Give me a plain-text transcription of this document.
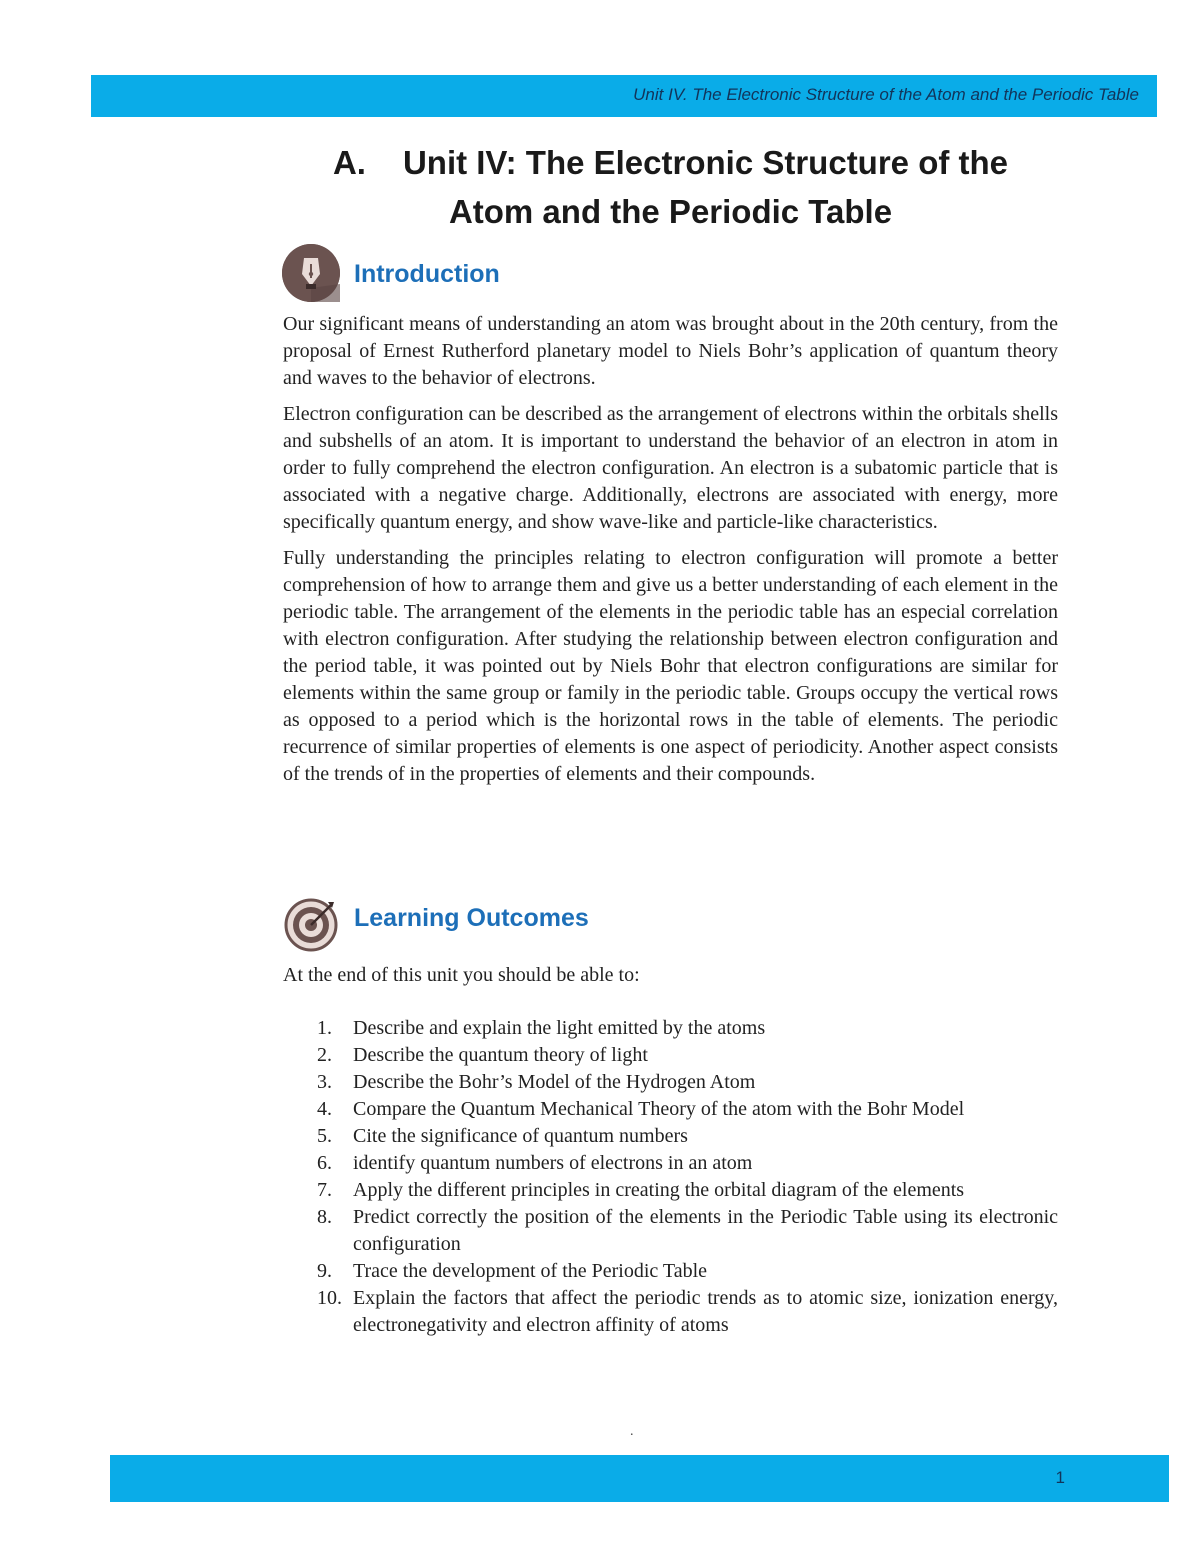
Unit IV. The Electronic Structure of the Atom and the Periodic Table
A. Unit IV: The Electronic Structure of the
Atom and the Periodic Table
Introduction

Our significant means of understanding an atom was brought about in the 20th century, from the proposal of Ernest Rutherford planetary model to Niels Bohr’s application of quantum theory and waves to the behavior of electrons.

Electron configuration can be described as the arrangement of electrons within the orbitals shells and subshells of an atom. It is important to understand the behavior of an electron in atom in order to fully comprehend the electron configuration. An electron is a subatomic particle that is associated with a negative charge. Additionally, electrons are associated with energy, more specifically quantum energy, and show wave-like and particle-like characteristics.

Fully understanding the principles relating to electron configuration will promote a better comprehension of how to arrange them and give us a better understanding of each element in the periodic table. The arrangement of the elements in the periodic table has an especial correlation with electron configuration. After studying the relationship between electron configuration and the period table, it was pointed out by Niels Bohr that electron configurations are similar for elements within the same group or family in the periodic table. Groups occupy the vertical rows as opposed to a period which is the horizontal rows in the table of elements. The periodic recurrence of similar properties of elements is one aspect of periodicity. Another aspect consists of the trends of in the properties of elements and their compounds.

Learning Outcomes
At the end of this unit you should be able to:
1.	Describe and explain the light emitted by the atoms
2.	Describe the quantum theory of light
3.	Describe the Bohr’s Model of the Hydrogen Atom
4.	Compare the Quantum Mechanical Theory of the atom with the Bohr Model
5.	Cite the significance of quantum numbers
6.	identify quantum numbers of electrons in an atom
7.	Apply the different principles in creating the orbital diagram of the elements
8.	Predict correctly the position of the elements in the Periodic Table using its electronic configuration
9.	Trace the development of the Periodic Table
10. Explain the factors that affect the periodic trends as to atomic size, ionization energy, electronegativity and electron affinity of atoms
.
1
